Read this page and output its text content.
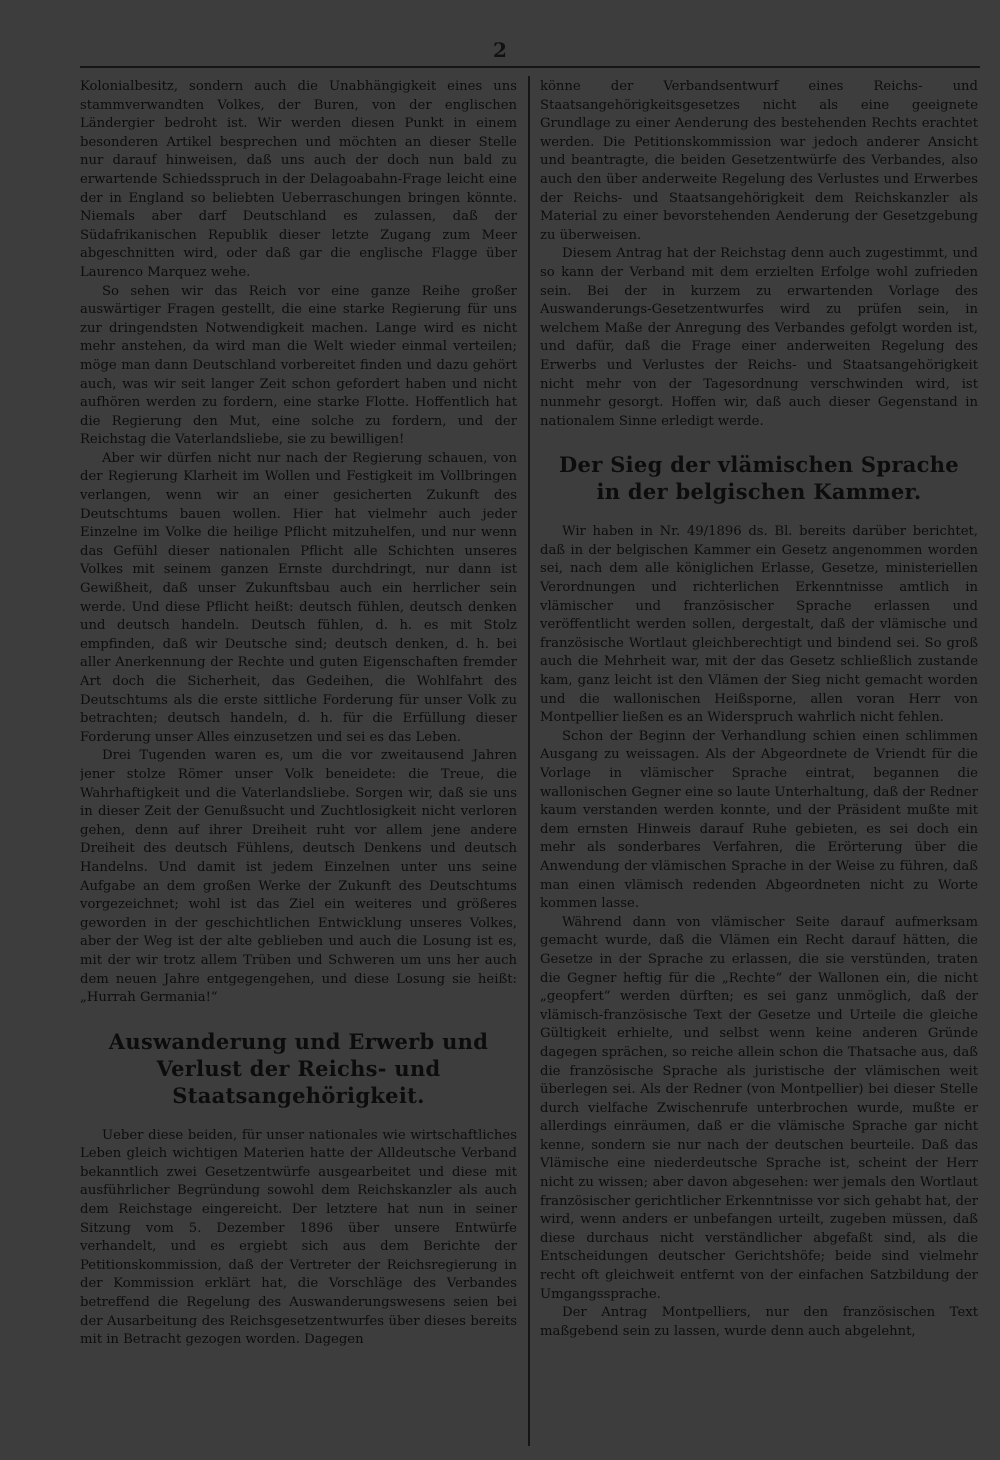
2

Kolonialbesitz, sondern auch die Unabhängigkeit eines uns stammverwandten Volkes, der Buren, von der englischen Ländergier bedroht ist. Wir werden diesen Punkt in einem besonderen Artikel besprechen und möchten an dieser Stelle nur darauf hinweisen, daß uns auch der doch nun bald zu erwartende Schiedsspruch in der Delagoabahn-Frage leicht eine der in England so beliebten Ueberraschungen bringen könnte. Niemals aber darf Deutschland es zulassen, daß der Südafrikanischen Republik dieser letzte Zugang zum Meer abgeschnitten wird, oder daß gar die englische Flagge über Laurenco Marquez wehe.

So sehen wir das Reich vor eine ganze Reihe großer auswärtiger Fragen gestellt, die eine starke Regierung für uns zur dringendsten Notwendigkeit machen. Lange wird es nicht mehr anstehen, da wird man die Welt wieder einmal verteilen; möge man dann Deutschland vorbereitet finden und dazu gehört auch, was wir seit langer Zeit schon gefordert haben und nicht aufhören werden zu fordern, eine starke Flotte. Hoffentlich hat die Regierung den Mut, eine solche zu fordern, und der Reichstag die Vaterlandsliebe, sie zu bewilligen!

Aber wir dürfen nicht nur nach der Regierung schauen, von der Regierung Klarheit im Wollen und Festigkeit im Vollbringen verlangen, wenn wir an einer gesicherten Zukunft des Deutschtums bauen wollen. Hier hat vielmehr auch jeder Einzelne im Volke die heilige Pflicht mitzuhelfen, und nur wenn das Gefühl dieser nationalen Pflicht alle Schichten unseres Volkes mit seinem ganzen Ernste durchdringt, nur dann ist Gewißheit, daß unser Zukunftsbau auch ein herrlicher sein werde. Und diese Pflicht heißt: deutsch fühlen, deutsch denken und deutsch handeln. Deutsch fühlen, d. h. es mit Stolz empfinden, daß wir Deutsche sind; deutsch denken, d. h. bei aller Anerkennung der Rechte und guten Eigenschaften fremder Art doch die Sicherheit, das Gedeihen, die Wohlfahrt des Deutschtums als die erste sittliche Forderung für unser Volk zu betrachten; deutsch handeln, d. h. für die Erfüllung dieser Forderung unser Alles einzusetzen und sei es das Leben.

Drei Tugenden waren es, um die vor zweitausend Jahren jener stolze Römer unser Volk beneidete: die Treue, die Wahrhaftigkeit und die Vaterlandsliebe. Sorgen wir, daß sie uns in dieser Zeit der Genußsucht und Zuchtlosigkeit nicht verloren gehen, denn auf ihrer Dreiheit ruht vor allem jene andere Dreiheit des deutsch Fühlens, deutsch Denkens und deutsch Handelns. Und damit ist jedem Einzelnen unter uns seine Aufgabe an dem großen Werke der Zukunft des Deutschtums vorgezeichnet; wohl ist das Ziel ein weiteres und größeres geworden in der geschichtlichen Entwicklung unseres Volkes, aber der Weg ist der alte geblieben und auch die Losung ist es, mit der wir trotz allem Trüben und Schweren um uns her auch dem neuen Jahre entgegengehen, und diese Losung sie heißt: „Hurrah Germania!“

Auswanderung und Erwerb und Verlust der Reichs- und Staatsangehörigkeit.

Ueber diese beiden, für unser nationales wie wirtschaftliches Leben gleich wichtigen Materien hatte der Alldeutsche Verband bekanntlich zwei Gesetzentwürfe ausgearbeitet und diese mit ausführlicher Begründung sowohl dem Reichskanzler als auch dem Reichstage eingereicht. Der letztere hat nun in seiner Sitzung vom 5. Dezember 1896 über unsere Entwürfe verhandelt, und es ergiebt sich aus dem Berichte der Petitionskommission, daß der Vertreter der Reichsregierung in der Kommission erklärt hat, die Vorschläge des Verbandes betreffend die Regelung des Auswanderungswesens seien bei der Ausarbeitung des Reichsgesetzentwurfes über dieses bereits mit in Betracht gezogen worden. Dagegen

könne der Verbandsentwurf eines Reichs- und Staatsangehörigkeitsgesetzes nicht als eine geeignete Grundlage zu einer Aenderung des bestehenden Rechts erachtet werden. Die Petitionskommission war jedoch anderer Ansicht und beantragte, die beiden Gesetzentwürfe des Verbandes, also auch den über anderweite Regelung des Verlustes und Erwerbes der Reichs- und Staatsangehörigkeit dem Reichskanzler als Material zu einer bevorstehenden Aenderung der Gesetzgebung zu überweisen.

Diesem Antrag hat der Reichstag denn auch zugestimmt, und so kann der Verband mit dem erzielten Erfolge wohl zufrieden sein. Bei der in kurzem zu erwartenden Vorlage des Auswanderungs-Gesetzentwurfes wird zu prüfen sein, in welchem Maße der Anregung des Verbandes gefolgt worden ist, und dafür, daß die Frage einer anderweiten Regelung des Erwerbs und Verlustes der Reichs- und Staatsangehörigkeit nicht mehr von der Tagesordnung verschwinden wird, ist nunmehr gesorgt. Hoffen wir, daß auch dieser Gegenstand in nationalem Sinne erledigt werde.

Der Sieg der vlämischen Sprache in der belgischen Kammer.

Wir haben in Nr. 49/1896 ds. Bl. bereits darüber berichtet, daß in der belgischen Kammer ein Gesetz angenommen worden sei, nach dem alle königlichen Erlasse, Gesetze, ministeriellen Verordnungen und richterlichen Erkenntnisse amtlich in vlämischer und französischer Sprache erlassen und veröffentlicht werden sollen, dergestalt, daß der vlämische und französische Wortlaut gleichberechtigt und bindend sei. So groß auch die Mehrheit war, mit der das Gesetz schließlich zustande kam, ganz leicht ist den Vlämen der Sieg nicht gemacht worden und die wallonischen Heißsporne, allen voran Herr von Montpellier ließen es an Widerspruch wahrlich nicht fehlen.

Schon der Beginn der Verhandlung schien einen schlimmen Ausgang zu weissagen. Als der Abgeordnete de Vriendt für die Vorlage in vlämischer Sprache eintrat, begannen die wallonischen Gegner eine so laute Unterhaltung, daß der Redner kaum verstanden werden konnte, und der Präsident mußte mit dem ernsten Hinweis darauf Ruhe gebieten, es sei doch ein mehr als sonderbares Verfahren, die Erörterung über die Anwendung der vlämischen Sprache in der Weise zu führen, daß man einen vlämisch redenden Abgeordneten nicht zu Worte kommen lasse.

Während dann von vlämischer Seite darauf aufmerksam gemacht wurde, daß die Vlämen ein Recht darauf hätten, die Gesetze in der Sprache zu erlassen, die sie verstünden, traten die Gegner heftig für die „Rechte“ der Wallonen ein, die nicht „geopfert“ werden dürften; es sei ganz unmöglich, daß der vlämisch-französische Text der Gesetze und Urteile die gleiche Gültigkeit erhielte, und selbst wenn keine anderen Gründe dagegen sprächen, so reiche allein schon die Thatsache aus, daß die französische Sprache als juristische der vlämischen weit überlegen sei. Als der Redner (von Montpellier) bei dieser Stelle durch vielfache Zwischenrufe unterbrochen wurde, mußte er allerdings einräumen, daß er die vlämische Sprache gar nicht kenne, sondern sie nur nach der deutschen beurteile. Daß das Vlämische eine niederdeutsche Sprache ist, scheint der Herr nicht zu wissen; aber davon abgesehen: wer jemals den Wortlaut französischer gerichtlicher Erkenntnisse vor sich gehabt hat, der wird, wenn anders er unbefangen urteilt, zugeben müssen, daß diese durchaus nicht verständlicher abgefaßt sind, als die Entscheidungen deutscher Gerichtshöfe; beide sind vielmehr recht oft gleichweit entfernt von der einfachen Satzbildung der Umgangssprache.

Der Antrag Montpelliers, nur den französischen Text maßgebend sein zu lassen, wurde denn auch abgelehnt,
